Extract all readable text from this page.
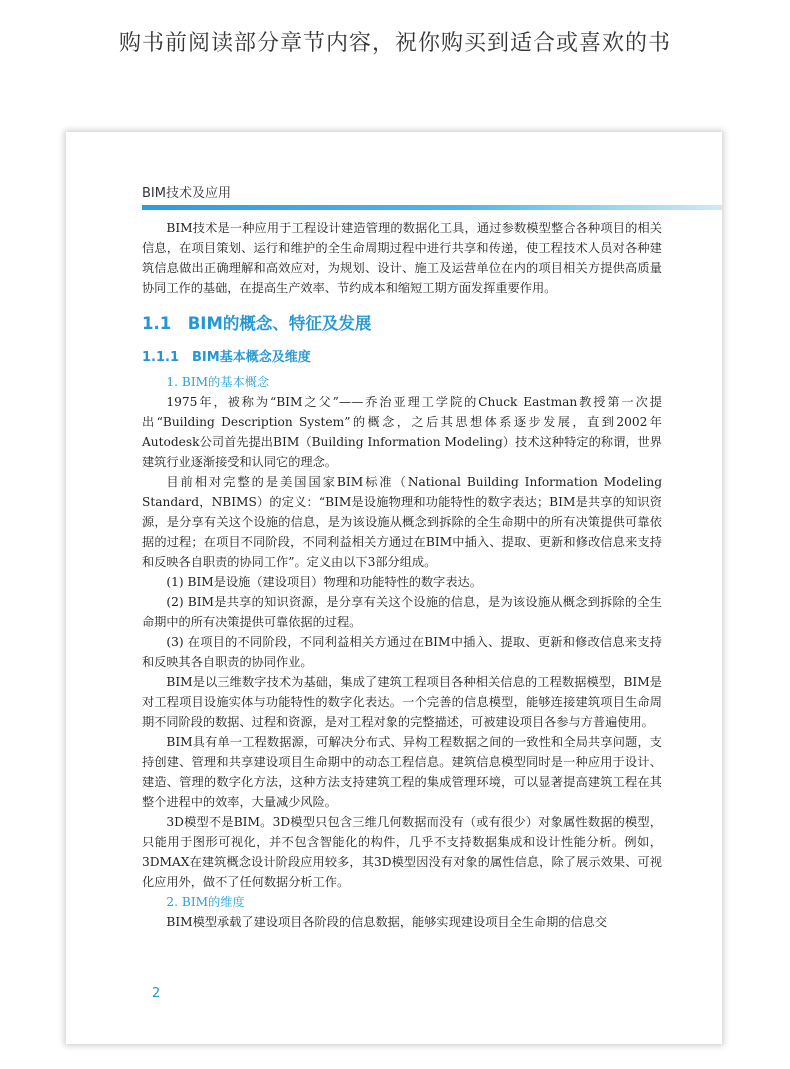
购书前阅读部分章节内容，祝你购买到适合或喜欢的书
BIM技术及应用

BIM技术是一种应用于工程设计建造管理的数据化工具，通过参数模型整合各种项目的相关信息，在项目策划、运行和维护的全生命周期过程中进行共享和传递，使工程技术人员对各种建筑信息做出正确理解和高效应对，为规划、设计、施工及运营单位在内的项目相关方提供高质量协同工作的基础，在提高生产效率、节约成本和缩短工期方面发挥重要作用。

1.1　BIM的概念、特征及发展
1.1.1　BIM基本概念及维度

1. BIM的基本概念

1975年，被称为“BIM之父”——乔治亚理工学院的Chuck Eastman教授第一次提出“Building Description System”的概念，之后其思想体系逐步发展，直到2002年Autodesk公司首先提出BIM（Building Information Modeling）技术这种特定的称谓，世界建筑行业逐渐接受和认同它的理念。

目前相对完整的是美国国家BIM标准（National Building Information Modeling Standard，NBIMS）的定义：“BIM是设施物理和功能特性的数字表达；BIM是共享的知识资源，是分享有关这个设施的信息，是为该设施从概念到拆除的全生命期中的所有决策提供可靠依据的过程；在项目不同阶段，不同利益相关方通过在BIM中插入、提取、更新和修改信息来支持和反映各自职责的协同工作”。定义由以下3部分组成。

(1) BIM是设施（建设项目）物理和功能特性的数字表达。

(2) BIM是共享的知识资源，是分享有关这个设施的信息，是为该设施从概念到拆除的全生命期中的所有决策提供可靠依据的过程。

(3) 在项目的不同阶段，不同利益相关方通过在BIM中插入、提取、更新和修改信息来支持和反映其各自职责的协同作业。

BIM是以三维数字技术为基础，集成了建筑工程项目各种相关信息的工程数据模型，BIM是对工程项目设施实体与功能特性的数字化表达。一个完善的信息模型，能够连接建筑项目生命周期不同阶段的数据、过程和资源，是对工程对象的完整描述，可被建设项目各参与方普遍使用。

BIM具有单一工程数据源，可解决分布式、异构工程数据之间的一致性和全局共享问题，支持创建、管理和共享建设项目生命期中的动态工程信息。建筑信息模型同时是一种应用于设计、建造、管理的数字化方法，这种方法支持建筑工程的集成管理环境，可以显著提高建筑工程在其整个进程中的效率，大量减少风险。

3D模型不是BIM。3D模型只包含三维几何数据而没有（或有很少）对象属性数据的模型，只能用于图形可视化，并不包含智能化的构件，几乎不支持数据集成和设计性能分析。例如，3DMAX在建筑概念设计阶段应用较多，其3D模型因没有对象的属性信息，除了展示效果、可视化应用外，做不了任何数据分析工作。

2. BIM的维度

BIM模型承载了建设项目各阶段的信息数据，能够实现建设项目全生命期的信息交

2
